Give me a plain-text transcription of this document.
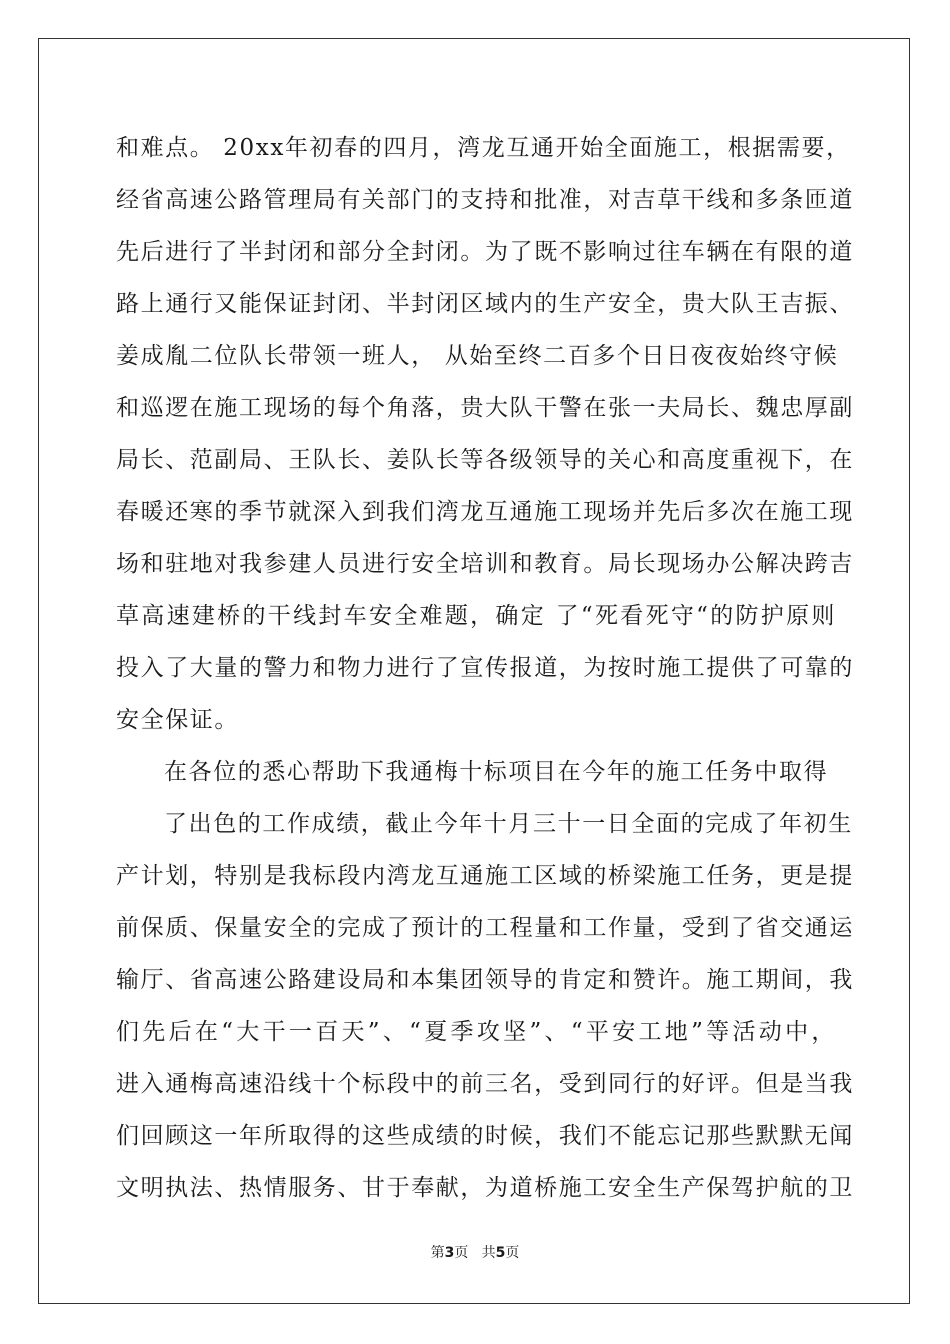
和难点。 20xx年初春的四月，湾龙互通开始全面施工，根据需要，
经省高速公路管理局有关部门的支持和批准，对吉草干线和多条匝道
先后进行了半封闭和部分全封闭。为了既不影响过往车辆在有限的道
路上通行又能保证封闭、半封闭区域内的生产安全，贵大队王吉振、
姜成胤二位队长带领一班人， 从始至终二百多个日日夜夜始终守候
和巡逻在施工现场的每个角落，贵大队干警在张一夫局长、魏忠厚副
局长、范副局、王队长、姜队长等各级领导的关心和高度重视下，在
春暖还寒的季节就深入到我们湾龙互通施工现场并先后多次在施工现
场和驻地对我参建人员进行安全培训和教育。局长现场办公解决跨吉
草高速建桥的干线封车安全难题，确定 了“死看死守“的防护原则
投入了大量的警力和物力进行了宣传报道，为按时施工提供了可靠的
安全保证。
在各位的悉心帮助下我通梅十标项目在今年的施工任务中取得
了出色的工作成绩，截止今年十月三十一日全面的完成了年初生
产计划，特别是我标段内湾龙互通施工区域的桥梁施工任务，更是提
前保质、保量安全的完成了预计的工程量和工作量，受到了省交通运
输厅、省高速公路建设局和本集团领导的肯定和赞许。施工期间，我
们先后在“大干一百天”、“夏季攻坚”、“平安工地”等活动中，
进入通梅高速沿线十个标段中的前三名，受到同行的好评。但是当我
们回顾这一年所取得的这些成绩的时候，我们不能忘记那些默默无闻
文明执法、热情服务、甘于奉献，为道桥施工安全生产保驾护航的卫
第3页   共5页
